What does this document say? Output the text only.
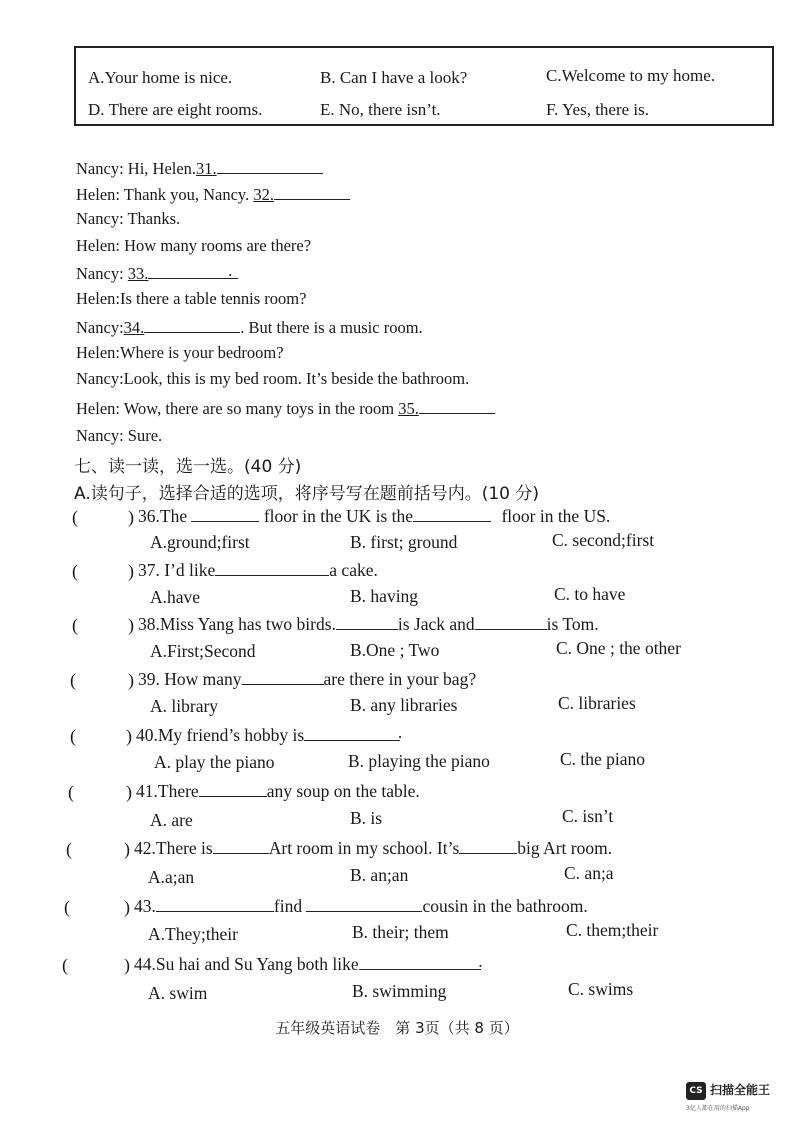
A.Your home is nice.	B. Can I have a look?	C.Welcome to my home.
D. There are eight rooms.	E. No, there isn’t.	F. Yes, there is.
Nancy: Hi, Helen.31.
Helen: Thank you, Nancy. 32.
Nancy: Thanks.
Helen: How many rooms are there?
Nancy: 33.	.
Helen:Is there a table tennis room?
Nancy:34.	. But there is a music room.
Helen:Where is your bedroom?
Nancy:Look, this is my bed room. It’s beside the bathroom.
Helen: Wow, there are so many toys in the room 35.
Nancy: Sure.
七、读一读，选一选。(40 分)
A.读句子，选择合适的选项，将序号写在题前括号内。(10 分)
(	) 36.The	floor in the UK is the	floor in the US.
A.ground;first	B. first; ground	C. second;first
(	) 37. I’d like	a cake.
A.have	B. having	C. to have
(	) 38.Miss Yang has two birds.	is Jack and	is Tom.
A.First;Second	B.One ; Two	C. One ; the other
(	) 39. How many	are there in your bag?
A. library	B. any libraries	C. libraries
(	) 40.My friend’s hobby is	.
A. play the piano	B. playing the piano	C. the piano
(	) 41.There	any soup on the table.
A. are	B. is	C. isn’t
(	) 42.There is	Art room in my school. It’s	big Art room.
A.a;an	B. an;an	C. an;a
(	) 43.	find	cousin in the bathroom.
A.They;their	B. their; them	C. them;their
(	) 44.Su hai and Su Yang both like	.
A. swim	B. swimming	C. swims
五年级英语试卷　第 3页（共 8 页）
CS 扫描全能王
3亿人都在用的扫描App
